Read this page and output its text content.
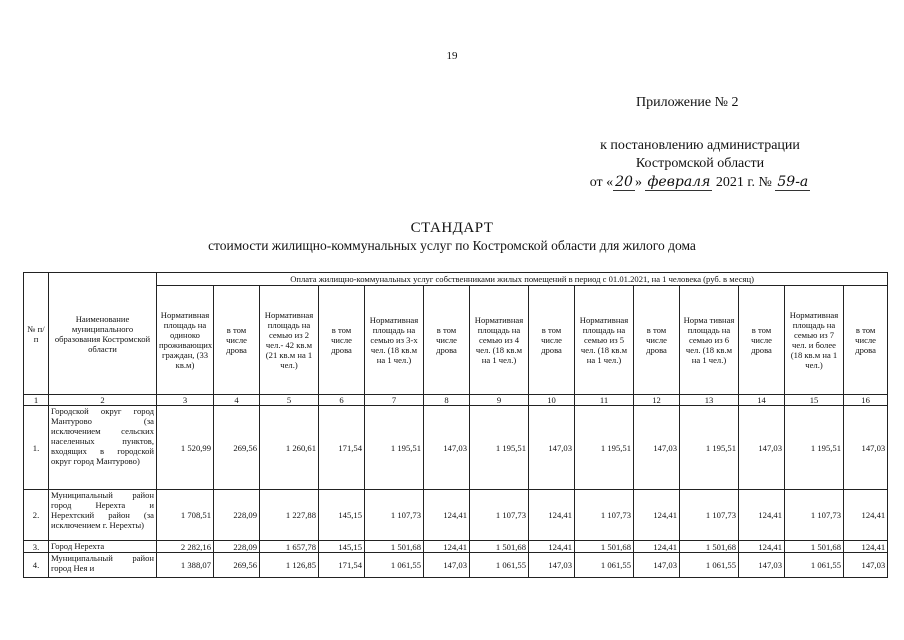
19
Приложение № 2
к постановлению администрации
Костромской области
от « 20 » февраля 2021 г. № 59-а
СТАНДАРТ
стоимости жилищно-коммунальных услуг по Костромской области для жилого дома
№ п/п	Наименование муниципального образования Костромской области	Оплата жилищно-коммунальных услуг собственниками жилых помещений в период с 01.01.2021, на 1 человека (руб. в месяц)													
		Нормативная площадь на одиноко проживающих граждан, (33 кв.м)	в том числе дрова	Нормативная площадь на семью из 2 чел.- 42 кв.м (21 кв.м на 1 чел.)	в том числе дрова	Нормативная площадь на семью из 3-х чел. (18 кв.м на 1 чел.)	в том числе дрова	Нормативная площадь на семью из 4 чел. (18 кв.м на 1 чел.)	в том числе дрова	Нормативная площадь на семью из 5 чел. (18 кв.м на 1 чел.)	в том числе дрова	Норма тивная площадь на семью из 6 чел. (18 кв.м на 1 чел.)	в том числе дрова	Нормативная площадь на семью из 7 чел. и более (18 кв.м на 1 чел.)	в том числе дрова
1	2	3	4	5	6	7	8	9	10	11	12	13	14	15	16
1.	Городской округ город Мантурово (за исключением сельских населенных пунктов, входящих в городской округ город Мантурово)	1 520,99	269,56	1 260,61	171,54	1 195,51	147,03	1 195,51	147,03	1 195,51	147,03	1 195,51	147,03	1 195,51	147,03
2.	Муниципальный район город Нерехта и Нерехтский район (за исключением г. Нерехты)	1 708,51	228,09	1 227,88	145,15	1 107,73	124,41	1 107,73	124,41	1 107,73	124,41	1 107,73	124,41	1 107,73	124,41
3.	Город Нерехта	2 282,16	228,09	1 657,78	145,15	1 501,68	124,41	1 501,68	124,41	1 501,68	124,41	1 501,68	124,41	1 501,68	124,41
4.	Муниципальный район город Нея и	1 388,07	269,56	1 126,85	171,54	1 061,55	147,03	1 061,55	147,03	1 061,55	147,03	1 061,55	147,03	1 061,55	147,03
